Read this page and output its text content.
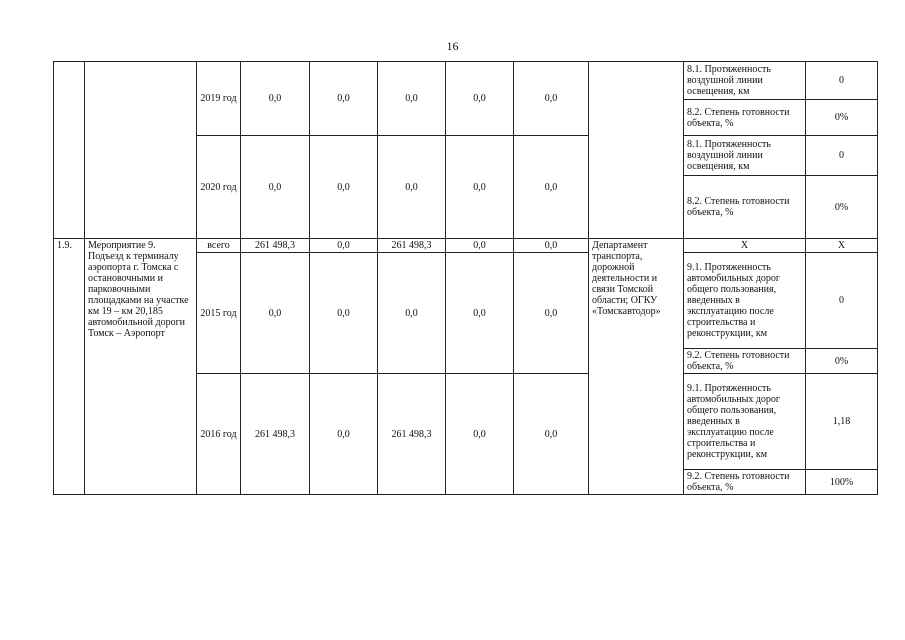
16
		2019 год	0,0	0,0	0,0	0,0	0,0		8.1. Протяженность воздушной линии освещения, км	0
									8.2. Степень готовности объекта, %	0%
		2020 год	0,0	0,0	0,0	0,0	0,0		8.1. Протяженность воздушной линии освещения, км	0
									8.2. Степень готовности объекта, %	0%
1.9.	Мероприятие 9. Подъезд к терминалу аэропорта г. Томска с остановочными и парковочными площадками на участке км 19 – км 20,185 автомобильной дороги Томск – Аэропорт	всего	261 498,3	0,0	261 498,3	0,0	0,0	Департамент транспорта, дорожной деятельности и связи Томской области; ОГКУ «Томскавтодор»	Х	Х
		2015 год	0,0	0,0	0,0	0,0	0,0		9.1. Протяженность автомобильных дорог общего пользования, введенных в эксплуатацию после строительства и реконструкции, км	0
									9.2. Степень готовности объекта, %	0%
		2016 год	261 498,3	0,0	261 498,3	0,0	0,0		9.1. Протяженность автомобильных дорог общего пользования, введенных в эксплуатацию после строительства и реконструкции, км	1,18
									9.2. Степень готовности объекта, %	100%
